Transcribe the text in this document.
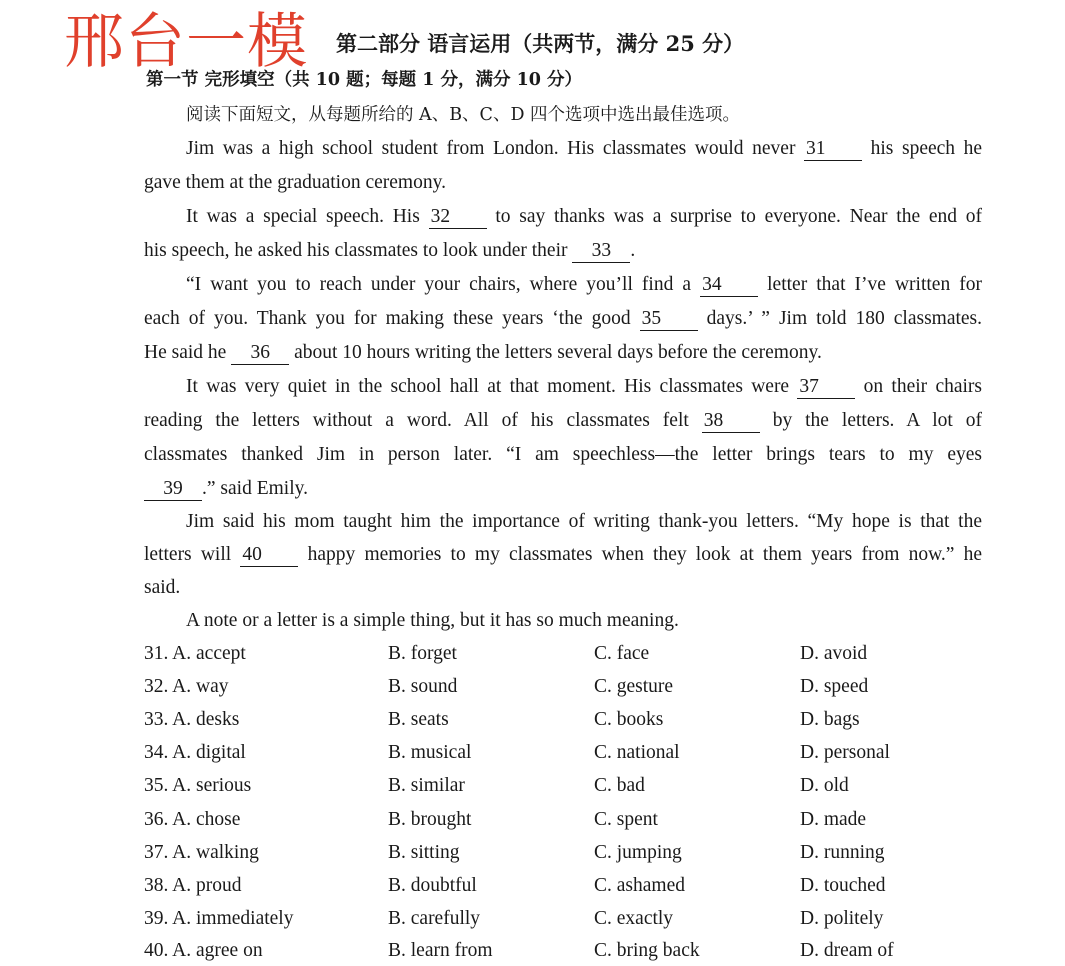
邢台一模 第二部分 语言运用（共两节，满分 25 分）
第一节 完形填空（共 10 题；每题 1 分，满分 10 分）
阅读下面短文，从每题所给的 A、B、C、D 四个选项中选出最佳选项。
Jim was a high school student from London. His classmates would never 31 his speech he
gave them at the graduation ceremony.
It was a special speech. His 32 to say thanks was a surprise to everyone. Near the end of
his speech, he asked his classmates to look under their 33 .
“I want you to reach under your chairs, where you’ll find a 34 letter that I’ve written for
each of you. Thank you for making these years ‘the good 35 days.’ ” Jim told 180 classmates.
He said he 36 about 10 hours writing the letters several days before the ceremony.
It was very quiet in the school hall at that moment. His classmates were 37 on their chairs
reading the letters without a word. All of his classmates felt 38	by the letters. A lot of
classmates thanked Jim in person later. “I am speechless—the letter brings tears to my eyes
39 .” said Emily.
Jim said his mom taught him the importance of writing thank-you letters. “My hope is that the
letters will 40 happy memories to my classmates when they look at them years from now.” he
said.
A note or a letter is a simple thing, but it has so much meaning.
31. A. accept	B. forget	C. face	D. avoid
32. A. way	B. sound	C. gesture	D. speed
33. A. desks	B. seats	C. books	D. bags
34. A. digital	B. musical	C. national	D. personal
35. A. serious	B. similar	C. bad	D. old
36. A. chose	B. brought	C. spent	D. made
37. A. walking	B. sitting	C. jumping	D. running
38. A. proud	B. doubtful	C. ashamed	D. touched
39. A. immediately	B. carefully	C. exactly	D. politely
40. A. agree on	B. learn from	C. bring back	D. dream of
